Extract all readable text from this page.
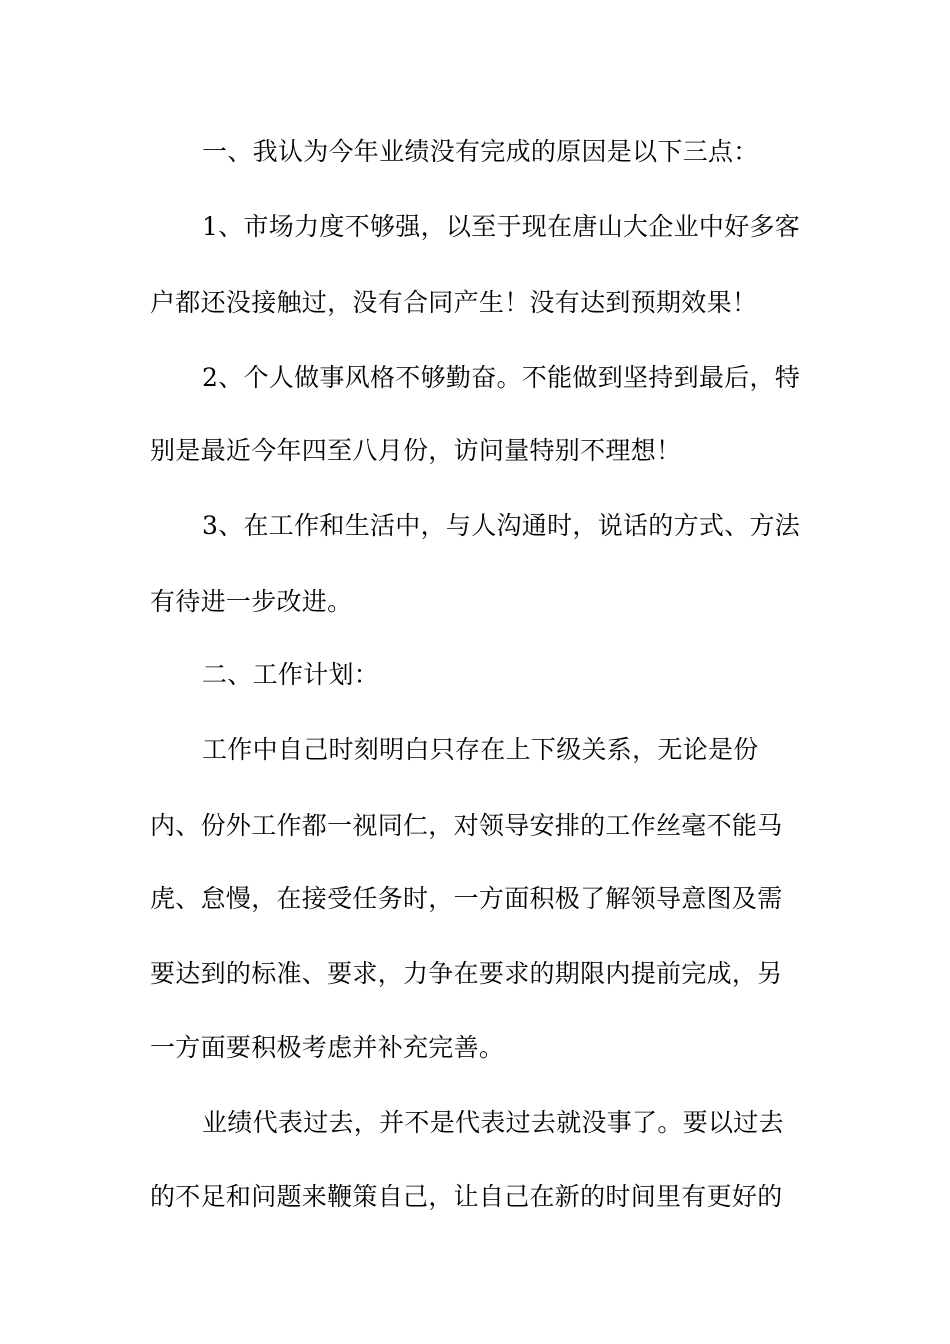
一、我认为今年业绩没有完成的原因是以下三点：
1、市场力度不够强，以至于现在唐山大企业中好多客
户都还没接触过，没有合同产生！没有达到预期效果！
2、个人做事风格不够勤奋。不能做到坚持到最后，特
别是最近今年四至八月份，访问量特别不理想！
3、在工作和生活中，与人沟通时，说话的方式、方法
有待进一步改进。
二、工作计划：
工作中自己时刻明白只存在上下级关系，无论是份
内、份外工作都一视同仁，对领导安排的工作丝毫不能马
虎、怠慢，在接受任务时，一方面积极了解领导意图及需
要达到的标准、要求，力争在要求的期限内提前完成，另
一方面要积极考虑并补充完善。
业绩代表过去，并不是代表过去就没事了。要以过去
的不足和问题来鞭策自己，让自己在新的时间里有更好的
